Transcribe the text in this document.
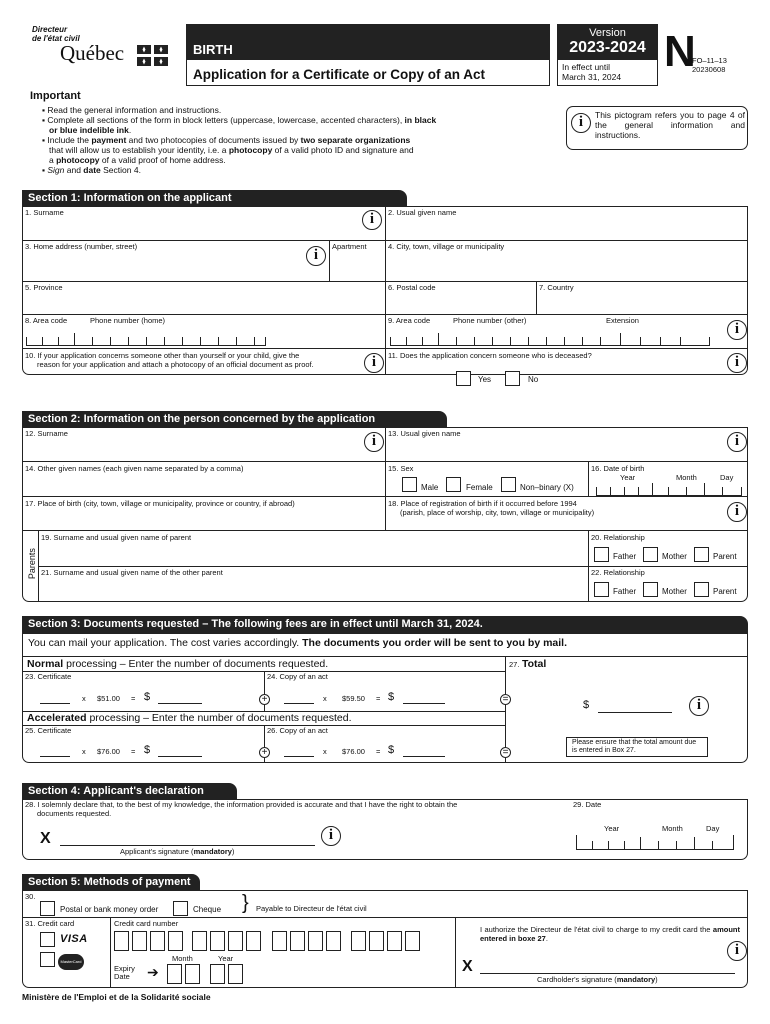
Directeur
de l'état civil
Québec	BIRTH
Application for a Certificate or Copy of an Act
Version
2023-2024
In effect until
March 31, 2024
N
FO–11–13
20230608
Important
▪ Read the general information and instructions.
▪ Complete all sections of the form in block letters (uppercase, lowercase, accented characters), in black
or blue indelible ink.
▪ Include the payment and two photocopies of documents issued by two separate organizations
that will allow us to establish your identity, i.e. a photocopy of a valid photo ID and signature and
a photocopy of a valid proof of home address.
▪ Sign and date Section 4.
i	This pictogram refers you to page 4 of the general information and instructions.
Section 1: Information on the applicant
1. Surname	i	2. Usual given name
3. Home address (number, street)
i
Apartment	4. City, town, village or municipality
5. Province	6. Postal code	7. Country
8. Area code	Phone number (home)	9. Area code	Phone number (other)	Extension
i
10. If your application concerns someone other than yourself or your child, give the
reason for your application and attach a photocopy of an official document as proof.	i	11. Does the application concern someone who is deceased?	i
Yes	No
Section 2: Information on the person concerned by the application
12. Surname	i	13. Usual given name	i
14. Other given names (each given name separated by a comma)	15. Sex
Male	Female	Non–binary (X)
16. Date of birth
Year	Month	Day
17. Place of birth (city, town, village or municipality, province or country, if abroad)	18. Place of registration of birth if it occurred before 1994
(parish, place of worship, city, town, village or municipality)	i
Parents
19. Surname and usual given name of parent	20. Relationship
Father	Mother	Parent
21. Surname and usual given name of the other parent	22. Relationship
Father	Mother	Parent
Section 3: Documents requested – The following fees are in effect until March 31, 2024.
You can mail your application. The cost varies accordingly. The documents you order will be sent to you by mail.
Normal processing – Enter the number of documents requested.	27. Total
23. Certificate	24. Copy of an act
x $51.00 = $	+	x $59.50 = $	=
Accelerated processing – Enter the number of documents requested.
25. Certificate	26. Copy of an act
x $76.00 = $	+	x $76.00 = $	=
$	i
Please ensure that the total amount due is entered in Box 27.
Section 4: Applicant's declaration
28. I solemnly declare that, to the best of my knowledge, the information provided is accurate and that I have the right to obtain the
documents requested.
X
Applicant's signature (mandatory)
i
29. Date
Year	Month	Day
Section 5: Methods of payment
30.
Postal or bank money order	Cheque } Payable to Directeur de l'état civil
31. Credit card
VISA
MasterCard
Credit card number
Expiry
Date ➔
Month	Year
I authorize the Directeur de l'état civil to charge to my credit card the amount entered in boxe 27.
i
X
Cardholder's signature (mandatory)
Ministère de l'Emploi et de la Solidarité sociale
